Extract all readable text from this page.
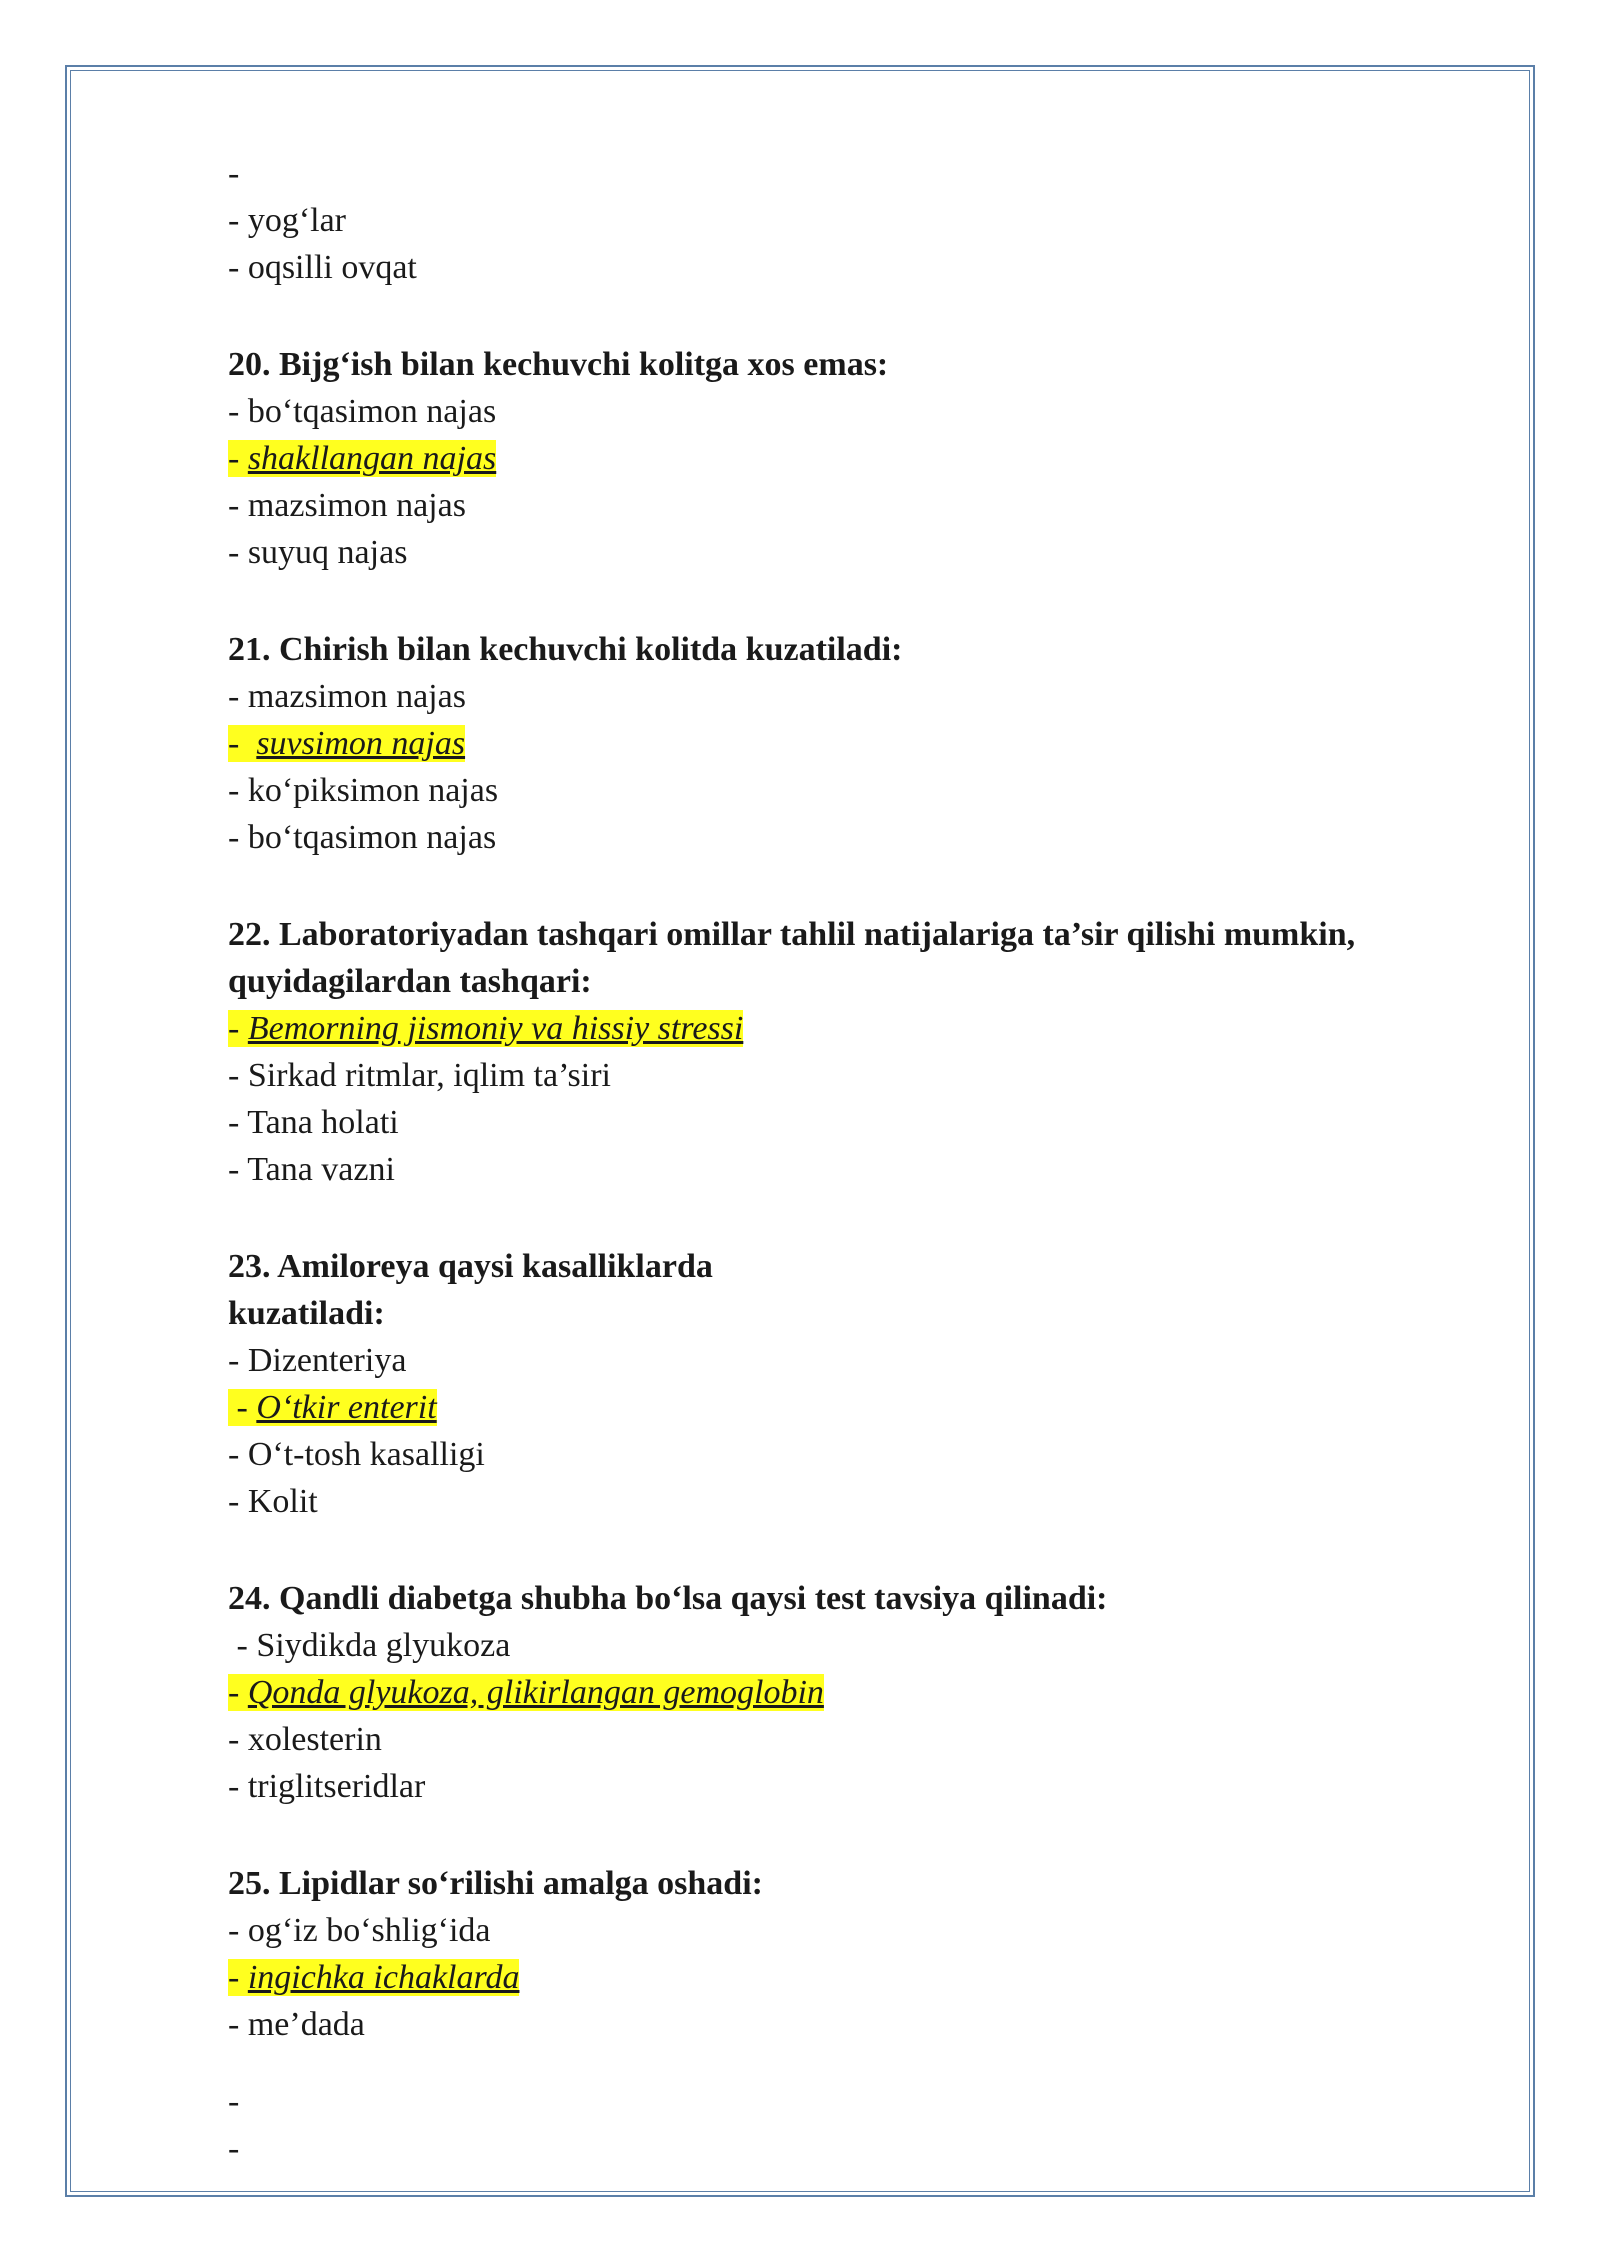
-
- yog‘lar
- oqsilli ovqat
20. Bijg‘ish bilan kechuvchi kolitga xos emas:
- bo‘tqasimon najas
- shakllangan najas
- mazsimon najas
- suyuq najas
21. Chirish bilan kechuvchi kolitda kuzatiladi:
- mazsimon najas
-  suvsimon najas
- ko‘piksimon najas
- bo‘tqasimon najas
22. Laboratoriyadan tashqari omillar tahlil natijalariga ta’sir qilishi mumkin, quyidagilardan tashqari:
- Bemorning jismoniy va hissiy stressi
- Sirkad ritmlar, iqlim ta’siri
- Tana holati
- Tana vazni
23. Amiloreya qaysi kasalliklarda
kuzatiladi:
- Dizenteriya
- O‘tkir enterit
- O‘t-tosh kasalligi
- Kolit
24. Qandli diabetga shubha bo‘lsa qaysi test tavsiya qilinadi:
- Siydikda glyukoza
- Qonda glyukoza, glikirlangan gemoglobin
- xolesterin
- triglitseridlar
25. Lipidlar so‘rilishi amalga oshadi:
- og‘iz bo‘shlig‘ida
- ingichka ichaklarda
- me’dada
-
-
